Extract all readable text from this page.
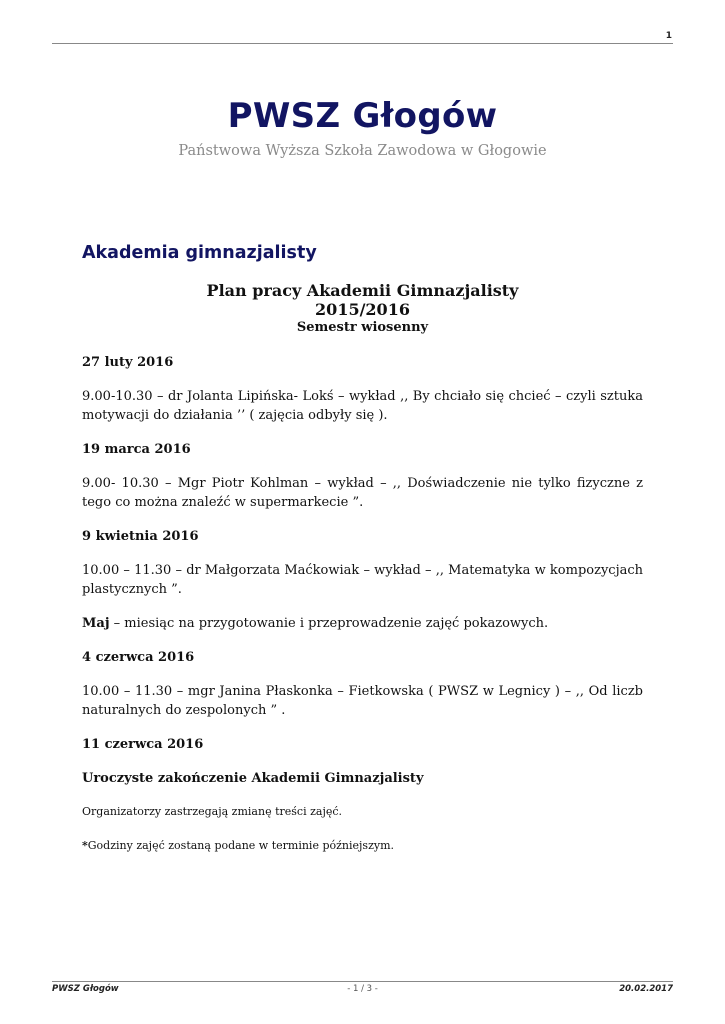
1
PWSZ Głogów
Państwowa Wyższa Szkoła Zawodowa w Głogowie
Akademia gimnazjalisty
Plan pracy Akademii Gimnazjalisty
2015/2016
Semestr wiosenny

27 luty 2016

9.00-10.30 – dr Jolanta Lipińska- Lokś – wykład ,, By chciało się chcieć – czyli sztuka motywacji do działania ’’ ( zajęcia odbyły się ).

19 marca 2016

9.00- 10.30 – Mgr Piotr Kohlman – wykład – ,, Doświadczenie nie tylko fizyczne z tego co można znaleźć w supermarkecie ”.

9 kwietnia 2016

10.00 – 11.30 – dr Małgorzata Maćkowiak – wykład – ,, Matematyka w kompozycjach plastycznych ”.

Maj – miesiąc na przygotowanie i przeprowadzenie zajęć pokazowych.

4 czerwca 2016

10.00 – 11.30 – mgr Janina Płaskonka – Fietkowska ( PWSZ w Legnicy ) – ,, Od liczb naturalnych do zespolonych ” .

11 czerwca 2016

Uroczyste zakończenie Akademii Gimnazjalisty

Organizatorzy zastrzegają zmianę treści zajęć.

*Godziny zajęć zostaną podane w terminie późniejszym.

PWSZ Głogów	- 1 / 3 -	20.02.2017
